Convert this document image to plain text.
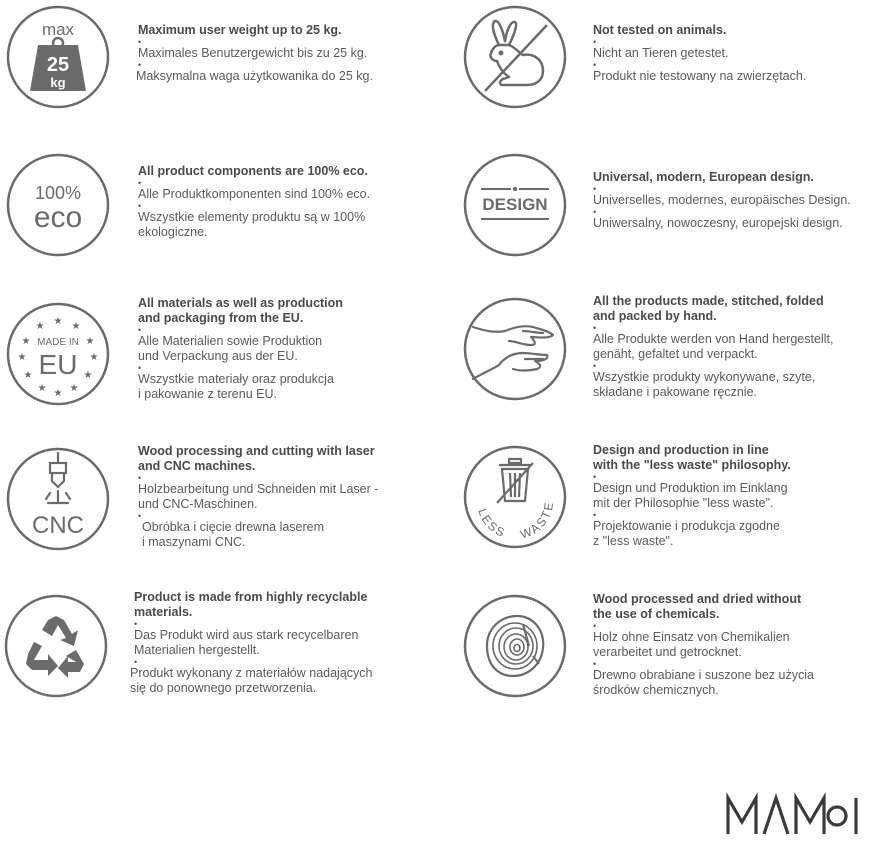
max
25
kg
Maximum user weight up to 25 kg.
•
Maximales Benutzergewicht bis zu 25 kg.
•
Maksymalna waga użytkowanika do 25 kg.
Not tested on animals.
•
Nicht an Tieren getestet.
•
Produkt nie testowany na zwierzętach.
100%
eco
All product components are 100% eco.
•
Alle Produktkomponenten sind 100% eco.
•
Wszystkie elementy produktu są w 100%
ekologiczne.
DESIGN
Universal, modern, European design.
•
Universelles, modernes, europäisches Design.
•
Uniwersalny, nowoczesny, europejski design.
★
★	★
★	★
★	★
★	★
★ ★
★
MADE IN
EU
All materials as well as production
and packaging from the EU.
•
Alle Materialien sowie Produktion
und Verpackung aus der EU.
•
Wszystkie materiały oraz produkcja
i pakowanie z terenu EU.
All the products made, stitched, folded
and packed by hand.
•
Alle Produkte werden von Hand hergestellt,
genäht, gefaltet und verpackt.
•
Wszystkie produkty wykonywane, szyte,
składane i pakowane ręcznie.
CNC
Wood processing and cutting with laser
and CNC machines.
•
Holzbearbeitung und Schneiden mit Laser -
und CNC-Maschinen.
•
Obróbka i cięcie drewna laserem
i maszynami CNC.
LESS WASTE
Design and production in line
with the "less waste" philosophy.
•
Design und Produktion im Einklang
mit der Philosophie "less waste".
•
Projektowanie i produkcja zgodne
z "less waste".
Product is made from highly recyclable
materials.
•
Das Produkt wird aus stark recycelbaren
Materialien hergestellt.
•
Produkt wykonany z materiałów nadających
się do ponownego przetworzenia.
Wood processed and dried without
the use of chemicals.
•
Holz ohne Einsatz von Chemikalien
verarbeitet und getrocknet.
•
Drewno obrabiane i suszone bez użycia
środków chemicznych.
